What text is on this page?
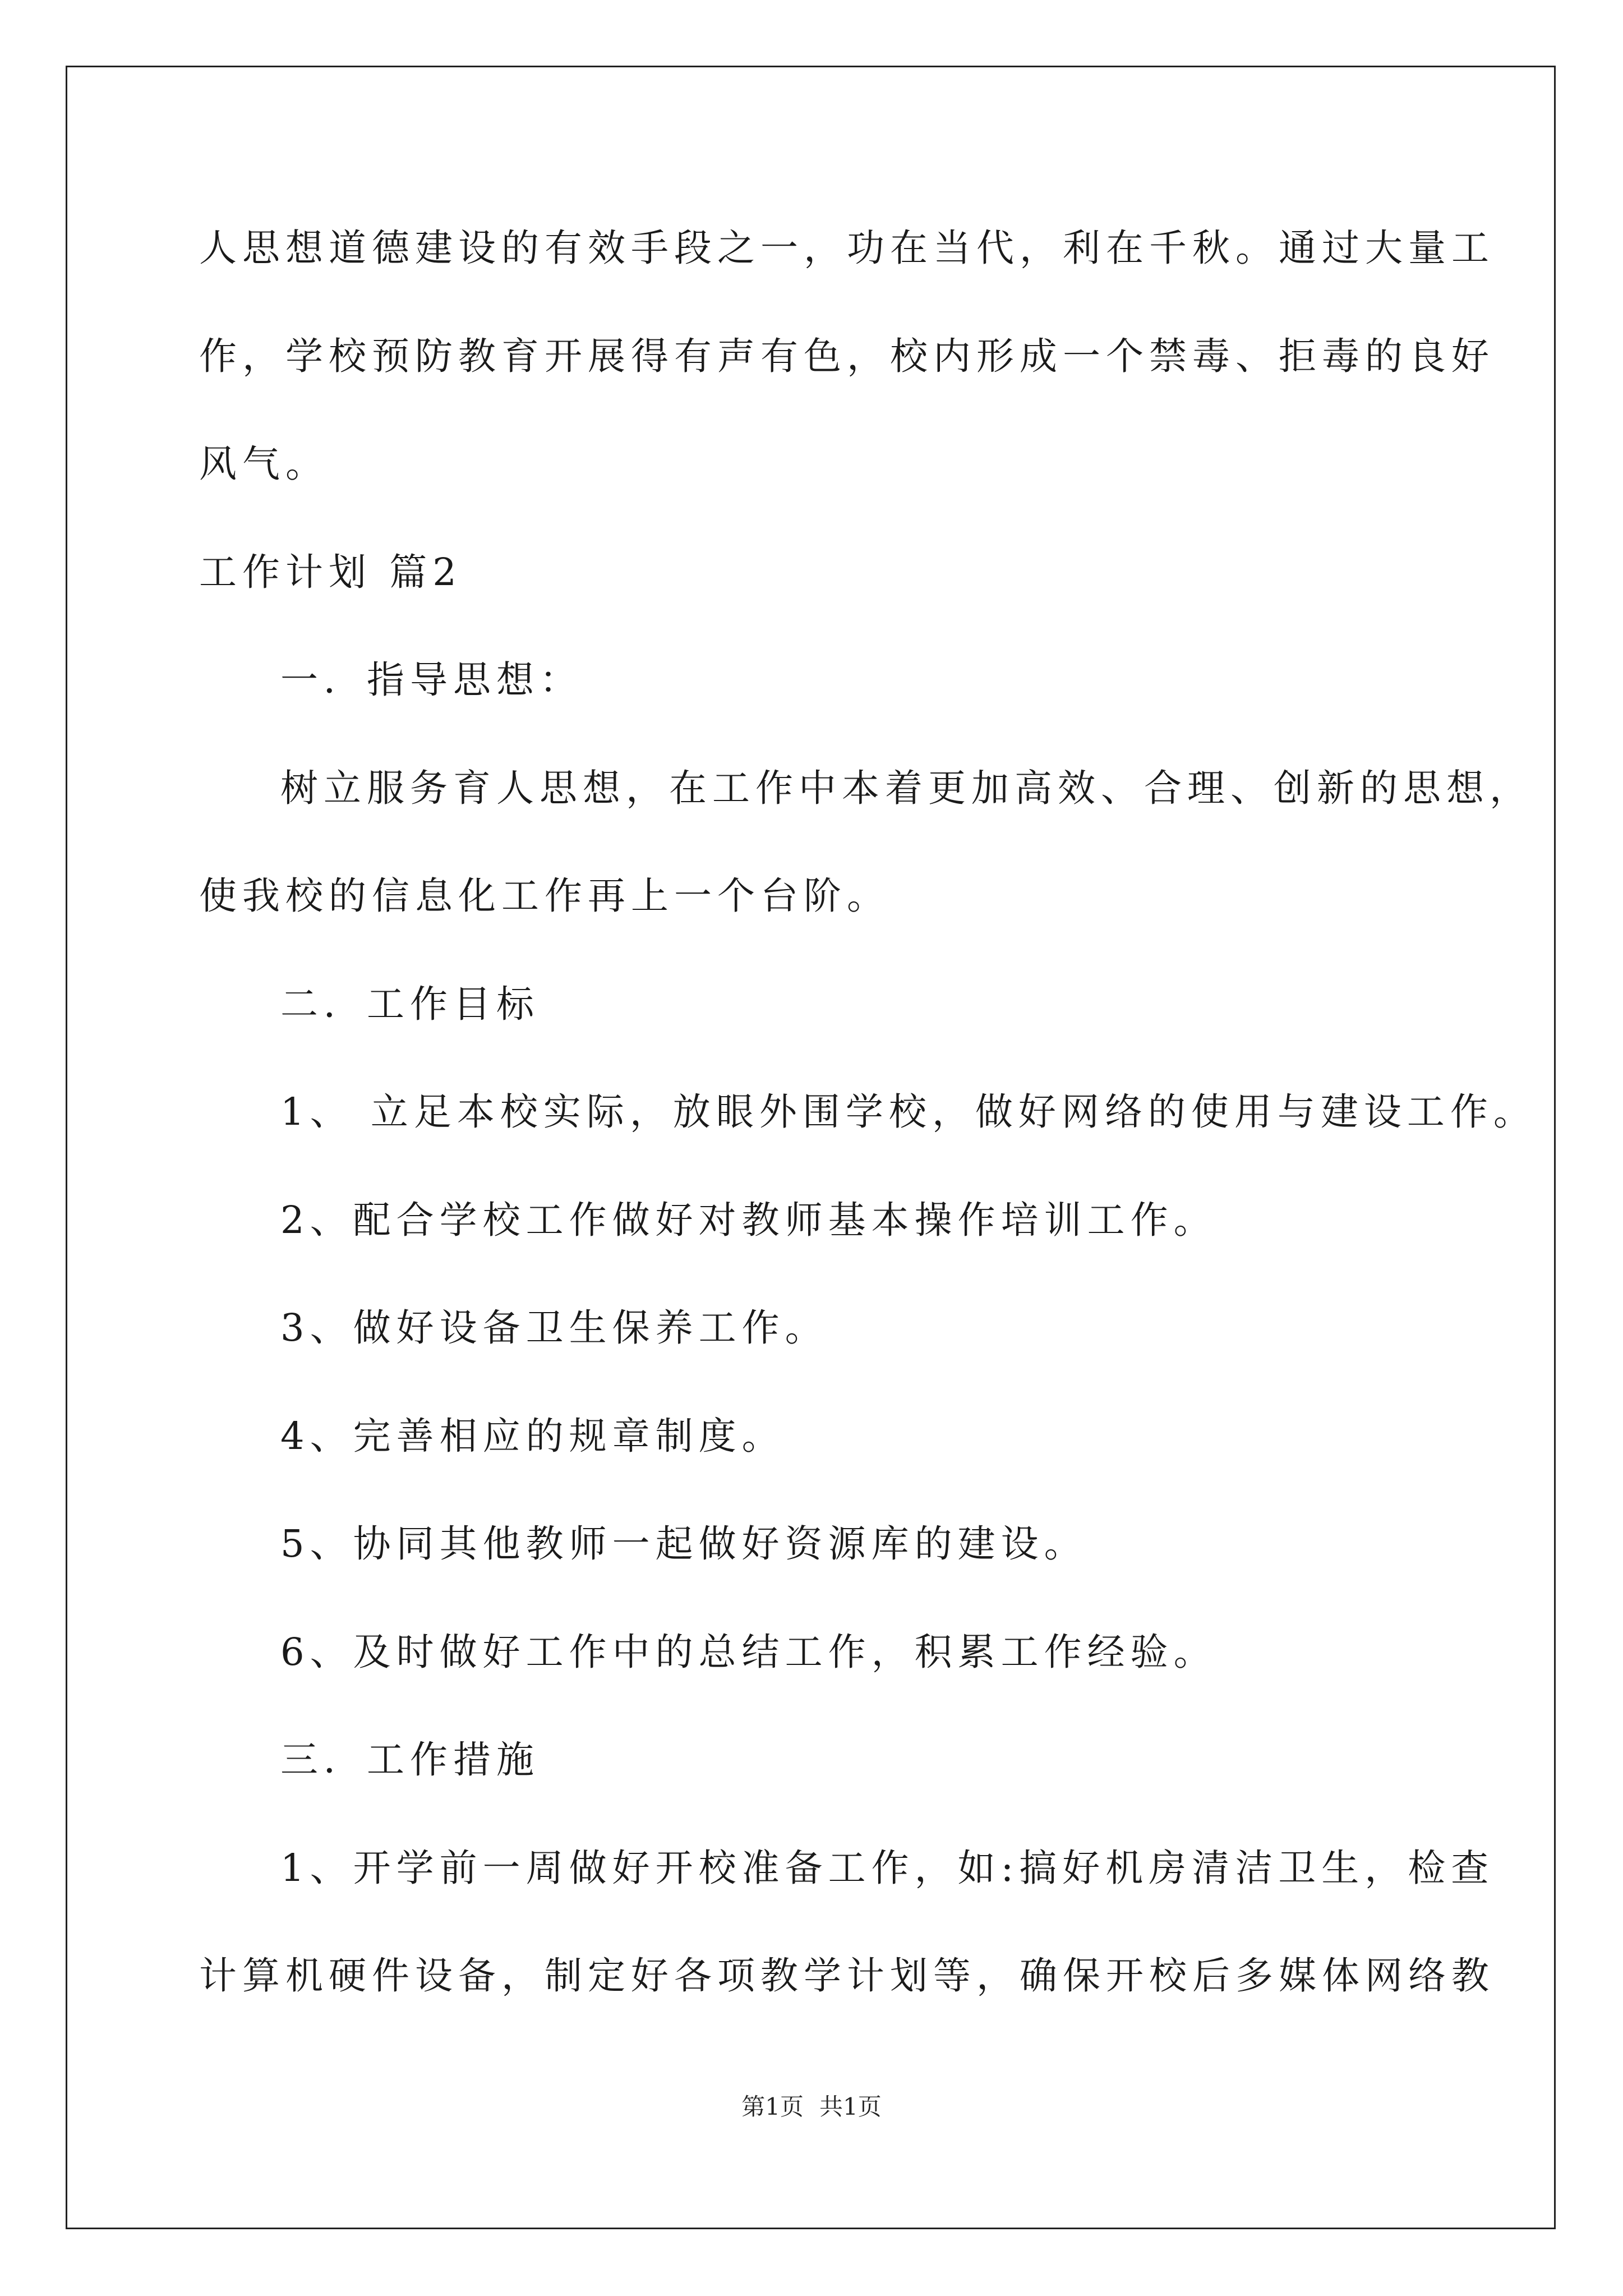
人思想道德建设的有效手段之一，功在当代，利在千秋。通过大量工
作，学校预防教育开展得有声有色，校内形成一个禁毒、拒毒的良好
风气。
工作计划 篇2
一．指导思想：
树立服务育人思想，在工作中本着更加高效、合理、创新的思想，
使我校的信息化工作再上一个台阶。
二．工作目标
1、 立足本校实际，放眼外围学校，做好网络的使用与建设工作。
2、配合学校工作做好对教师基本操作培训工作。
3、做好设备卫生保养工作。
4、完善相应的规章制度。
5、协同其他教师一起做好资源库的建设。
6、及时做好工作中的总结工作，积累工作经验。
三．工作措施
1、开学前一周做好开校准备工作，如:搞好机房清洁卫生，检查
计算机硬件设备，制定好各项教学计划等，确保开校后多媒体网络教
第1页 共1页
